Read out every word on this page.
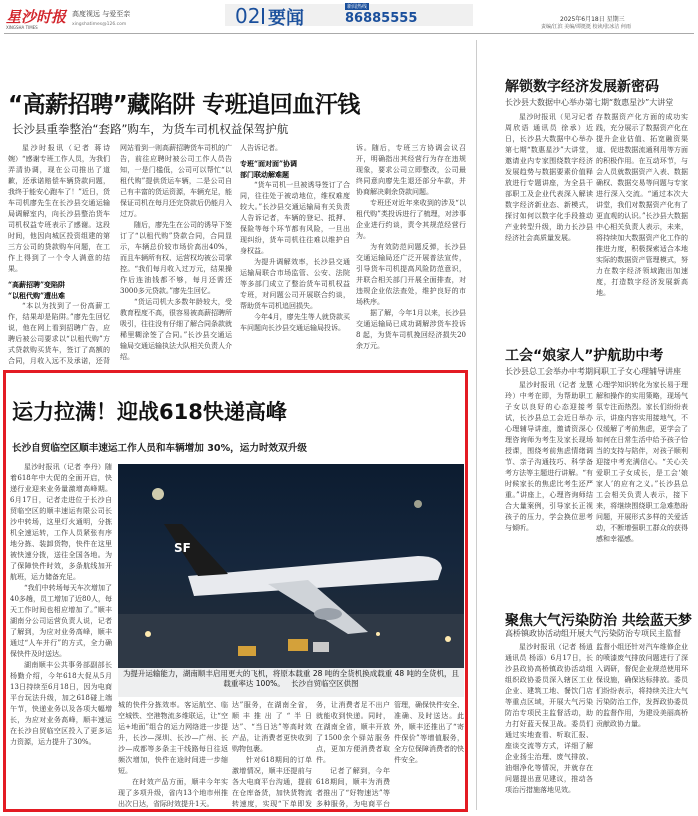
星沙时报
XINGSHA TIMES
高度视远 与爱至亲
xingshatimes@126.com	02 要闻
新闻热线
86885555	2025年6月18日 星期三
责编/江滨 美编/谭挺挺 校读/张冰洁 何雨
“高薪招聘”藏陷阱 专班追回血汗钱
长沙县重拳整治“套路”购车，为货车司机权益保驾护航

星沙时报讯（记者 蒋诗婉）“感谢专班工作人员，为我们弄清协调，现在公司推出了道歉，还承诺赔偿车辆贷款问题，我终于能安心跑车了！”近日，货车司机廖先生在长沙县交通运输局调解室内，向长沙县整治货车司机权益专班表示了感谢。这段时间，他因向城区投资组建的第三方公司的贷款购车问题，在工作上得到了一个令人满意的结果。

“高薪招聘”变陷阱

“以租代购”遭出难

“本以为找到了一份高薪工作，结果却是陷阱。”廖先生回忆说，他在网上看到招聘广告，应聘后被公司要求以“以租代购”方式贷款购买货车，签订了高额的合同，月收入远不及承诺，还背

网站看到一则高薪招聘货车司机的广告，前往应聘时被公司工作人员告知，一是门槛低，公司可以帮忙“以租代购”提供货运车辆，二是公司自己有丰富的货运资源，车辆充足，能保证司机在每月还完贷款后仍能月入过万。

随后，廖先生在公司的诱导下签订了“以租代购”贷款合同，合同显示，车辆总价较市场价高出40%，而且车辆所有权、运营权均被公司掌控。“我们每月收入过万元，结果操作后连油钱都不够，每月还需还3000多元贷款。”廖先生回忆。

“货运司机大多数年龄较大，受教育程度不高，很容易被高薪招聘所吸引，往往没有仔细了解合同条款就稀里糊涂签了合同。”长沙县交通运输局交通运输执法大队相关负责人介绍。

人告诉记者。

专班“面对面”协调

部门联动解难题

“货车司机一旦被诱导签订了合同，往往处于被动地位，维权难度较大。”长沙县交通运输局有关负责人告诉记者，车辆的登记、抵押、保险等每个环节都有风险，一旦出现纠纷，货车司机往往难以维护自身权益。

为提升调解效率，长沙县交通运输局联合市场监管、公安、法院等多部门成立了整治货车司机权益专班，对问题公司开展联合约谈，帮助货车司机追回损失。

今年4月，廖先生等人就贷款买车问题向长沙县交通运输局投诉。

诉。随后，专班三方协调会议召开，明确指出其经营行为存在违规现象，要求公司立即整改，公司最终同意向廖先生退还部分车款，并协商解决剩余贷款问题。

专班还对近年来收到的涉及“以租代购”类投诉进行了梳理，对涉事企业进行约谈，责令其规范经营行为。

为有效防范问题反弹，长沙县交通运输局还广泛开展普法宣传，引导货车司机提高风险防范意识，并联合相关部门开展全面排查，对违规企业依法查处，维护良好的市场秩序。

据了解，今年1月以来，长沙县交通运输局已成功调解涉货车投诉 8 起，为货车司机挽回经济损失20余万元。

解锁数字经济发展新密码
长沙县大数据中心举办第七期“数惠星沙”大讲堂
星沙时报讯（见习记者 周欣语 通讯员 徐承）近日，长沙县大数据中心举办第七期“数惠星沙”大讲堂，邀请业内专家围绕数字经济发展趋势与数据要素价值释放进行专题讲座，为全县干部职工及企业代表深入解读数字经济新业态、新模式，探讨如何以数字化手段推动产业转型升级，助力长沙县经济社会高质量发展。
存数据资产化方面的成功实践，充分展示了数据资产化在提升企业估值、拓宽融资渠道、促进数据流通利用等方面的积极作用。在互动环节，与会人员就数据资产入表、数据确权、数据交易等问题与专家进行深入交流。“通过本次大讲堂，我们对数据资产化有了更直观的认识。”长沙县大数据中心相关负责人表示，未来，将持续加大数据资产化工作的推进力度，积极探索适合本地实际的数据资产管理模式，努力在数字经济领域跑出加速度，打造数字经济发展新高地。
工会“娘家人”护航助中考
长沙县总工会举办中考期间职工子女心理辅导讲座
星沙时报讯（记者 龙慧玲）中考在即，为帮助职工子女以良好的心态迎接考试，长沙县总工会近日举办心理辅导讲座，邀请资深心理咨询师为考生及家长现场授课，围绕考前焦虑情绪调节、亲子沟通技巧、科学备考方法等主题进行讲解。“有时候家长的焦虑比考生还严重。”讲座上，心理咨询师结合大量案例，引导家长正视孩子的压力，学会换位思考与倾听。
心理学知识转化为家长易于理解和操作的实用策略，现场气氛专注而热烈。家长们纷纷表示，讲座内容实用接地气，不仅缓解了考前焦虑，更学会了如何在日常生活中给予孩子恰当的支持与陪伴，对孩子顺利迎接中考充满信心。“关心关爱职工子女成长，是工会‘娘家人’的应有之义。”长沙县总工会相关负责人表示，接下来，将继续围绕职工急难愁盼问题，开展形式多样的关爱活动，不断增强职工群众的获得感和幸福感。
聚焦大气污染防治 共绘蓝天梦
高桥镇政协活动组开展大气污染防治专项民主监督
星沙时报讯（记者 杨逍 通讯员 杨添）6月17日，长沙县政协高桥镇政协活动组组织政协委员深入辖区工业企业、建筑工地、餐饮门店等重点区域，开展大气污染防治专项民主监督活动，助力打好蓝天保卫战。委员们通过实地查看、听取汇报、座谈交流等方式，详细了解企业扬尘治理、废气排放、油烟净化等情况，并就存在问题提出意见建议，推动各项治污措施落地见效。
监督小组还针对汽车维修企业的喷漆废气排放问题进行了深入调研，督促企业规范使用环保设施，确保达标排放。委员们纷纷表示，将持续关注大气污染防治工作，发挥政协委员的监督作用，为建设美丽高桥贡献政协力量。
运力拉满！迎战618快递高峰
长沙自贸临空区顺丰速运工作人员和车辆增加 30%，运力时效双升级

星沙时报讯（记者 李丹）随着618年中大促的全面开启，快递行业迎来业务量激增高峰期。6月17日，记者走进位于长沙自贸临空区的顺丰速运有限公司长沙中转场，这里灯火通明，分拣机全速运转，工作人员紧张有序地分拣、装卸货物，快件在这里被快速分拨，送往全国各地。为了保障快件时效，多条航线加开航班，运力储备充足。

“我们中转场每天车次增加了40多趟，员工增加了近80人，每天工作时间也相应增加了。”顺丰湖南分公司运营负责人说，记者了解到，为应对业务高峰，顺丰通过“人车并行”的方式，全力确保快件及时送达。

湖南顺丰公共事务部副部长杨勤介绍，今年618大促从5月13日持续至6月18日，因为电商平台玩法升级，加之618碰上端午节，快递业务以及各项大幅增长，为应对业务高峰，顺丰速运在长沙自贸临空区投入了更多运力资源，运力提升了30%。

SF
为提升运输能力，湖南顺丰启用更大的飞机，将原本载重 28 吨的全货机换成载重 48 吨的全货机，且载重率达 100%。 长沙自贸临空区供图

城的快件分拣效率。客运航空、临空城铁、空港物流多维联运，让“空运+地面”组合的运力网络进一步提升，长沙—深圳、长沙—广州、长沙—成都等多条主干线路每日往返频次增加，快件在途时间进一步缩短。

在时效产品方面，顺丰今年实现了多项升级，省内13个地市州推出次日达，省际时效提升1天。

达”服务，在湖南全省，顺丰推出了“半日达”、“当日达”等高时效产品，让消费者更快收到购物包裹。

针对618期间的订单激增情况，顺丰还提前与各大电商平台沟通，提前在仓库备货，加快货物流转速度，实现“下单即发

务，让消费者足不出户就能收到快递。同时，在湖南全省，顺丰开放了1500余个驿站服务点，更加方便消费者取件。

记者了解到，今年618期间，顺丰为消费者推出了“好物速达”等多种服务，为电商平台

管理，确保快件安全、准确、及时送达。此外，顺丰还推出了“寄件保价”等增值服务，全方位保障消费者的快件安全。
